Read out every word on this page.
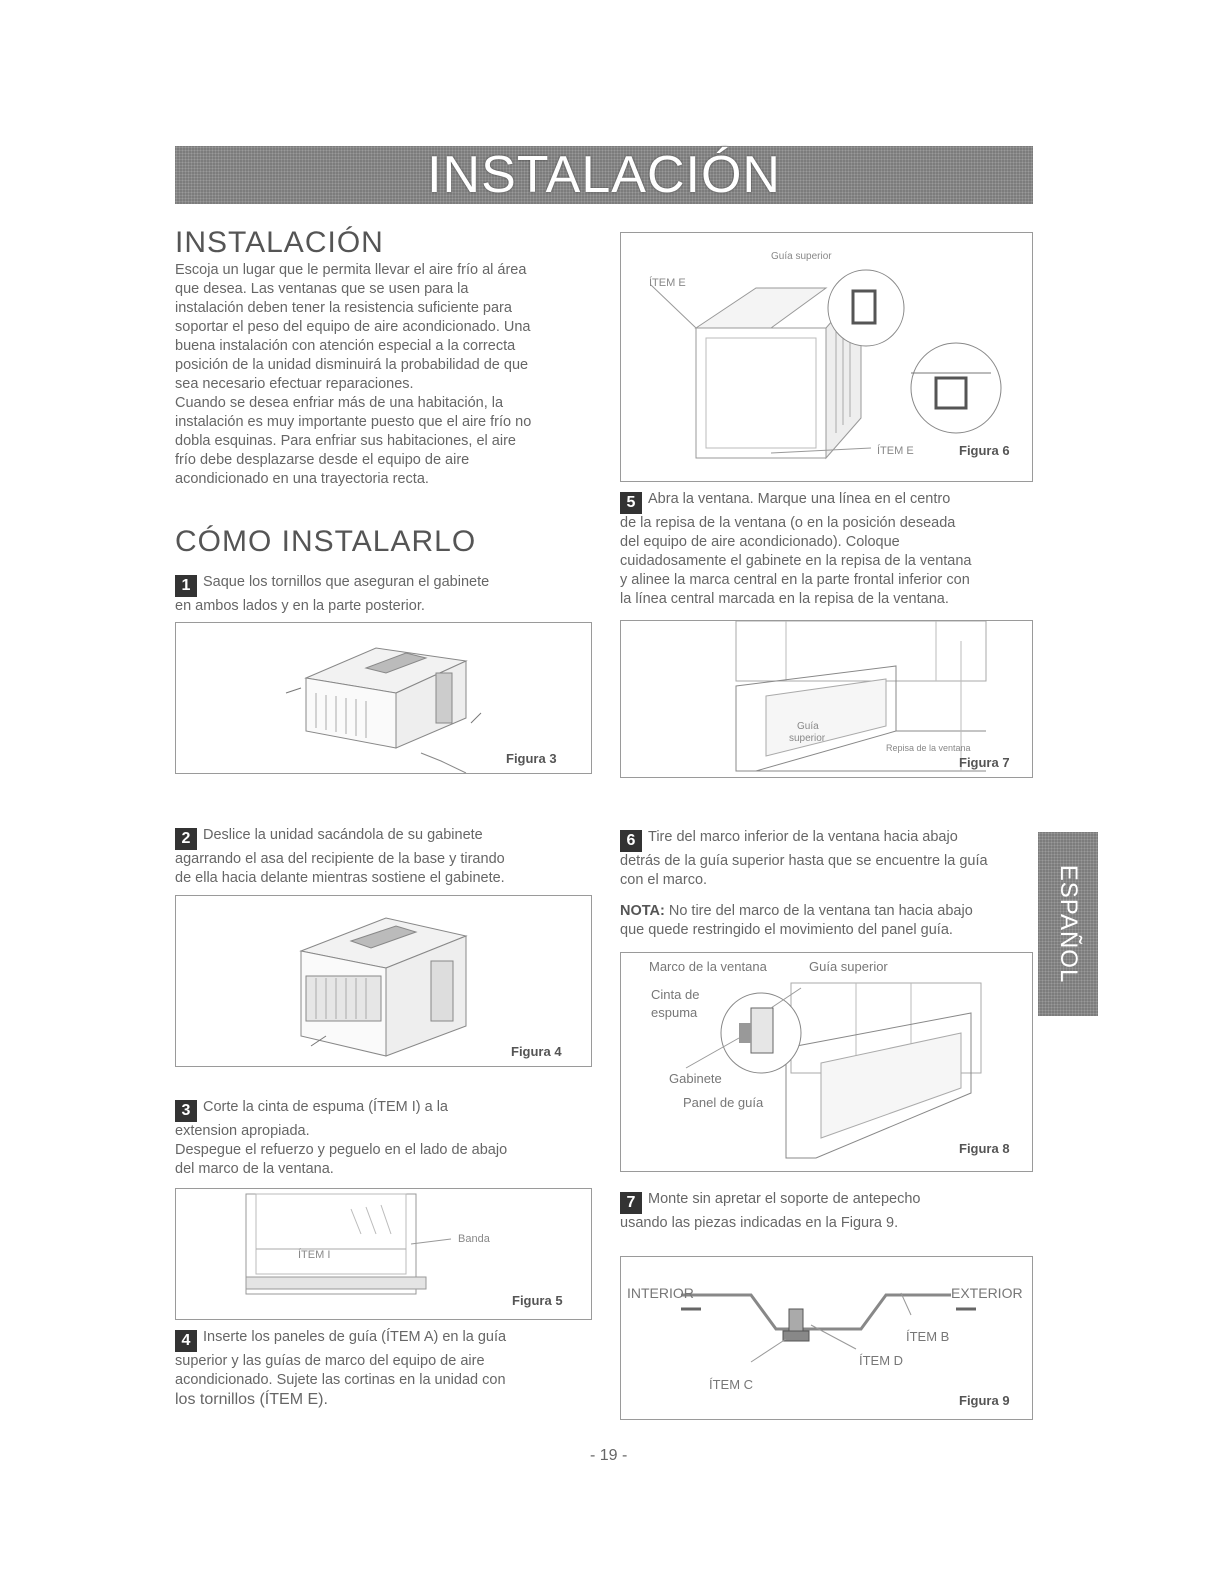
INSTALACIÓN
INSTALACIÓN
Escoja un lugar que le permita llevar el aire frío al área
que desea. Las ventanas que se usen para la
instalación deben tener la resistencia suficiente para
soportar el peso del equipo de aire acondicionado. Una
buena instalación con atención especial a la correcta
posición de la unidad disminuirá la probabilidad de que
sea necesario efectuar reparaciones.
Cuando se desea enfriar más de una habitación, la
instalación es muy importante puesto que el aire frío no
dobla esquinas. Para enfriar sus habitaciones, el aire
frío debe desplazarse desde el equipo de aire
acondicionado en una trayectoria recta.
CÓMO INSTALARLO
1 Saque los tornillos que aseguran el gabinete
en ambos lados y en la parte posterior.
Figura 3
2 Deslice la unidad sacándola de su gabinete
agarrando el asa del recipiente de la base y tirando
de ella hacia delante mientras sostiene el gabinete.
Figura 4
3 Corte la cinta de espuma (ÍTEM I) a la
extension apropiada.
Despegue el refuerzo y peguelo en el lado de abajo
del marco de la ventana.
Banda
ÍTEM I
Figura 5
4 Inserte los paneles de guía (ÍTEM A) en la guía
superior y las guías de marco del equipo de aire
acondicionado. Sujete las cortinas en la unidad con
los tornillos (ÍTEM E).
Guía superior
ÍTEM E
ÍTEM E	Figura 6
5 Abra la ventana. Marque una línea en el centro
de la repisa de la ventana (o en la posición deseada
del equipo de aire acondicionado). Coloque
cuidadosamente el gabinete en la repisa de la ventana
y alinee la marca central en la parte frontal inferior con
la línea central marcada en la repisa de la ventana.
Guía
superior
Repisa de la ventana
Figura 7
6 Tire del marco inferior de la ventana hacia abajo
detrás de la guía superior hasta que se encuentre la guía
con el marco.
NOTA: No tire del marco de la ventana tan hacia abajo
que quede restringido el movimiento del panel guía.
Marco de la ventana	Guía superior
Cinta de
espuma
Gabinete
Panel de guía
Figura 8
7 Monte sin apretar el soporte de antepecho
usando las piezas indicadas en la Figura 9.
INTERIOR	EXTERIOR
ÍTEM B
ÍTEM D
ÍTEM C
Figura 9
ESPAÑOL
- 19 -
